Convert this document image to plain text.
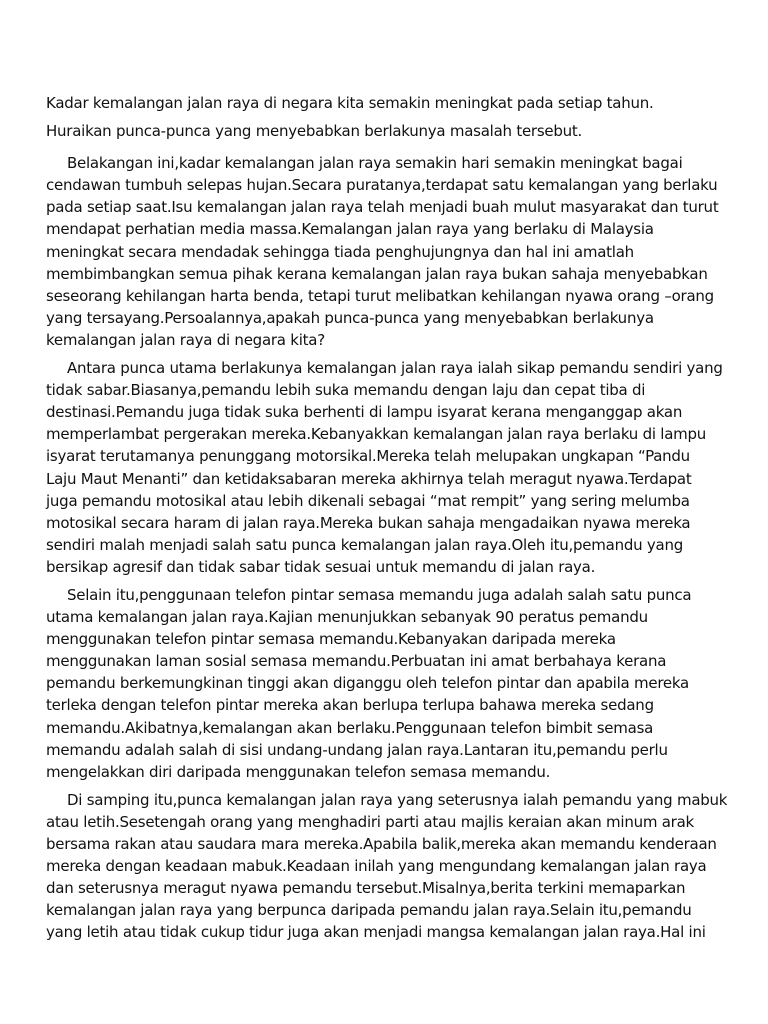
Kadar kemalangan jalan raya di negara kita semakin meningkat pada setiap tahun.

Huraikan punca-punca yang menyebabkan berlakunya masalah tersebut.

Belakangan ini,kadar kemalangan jalan raya semakin hari semakin meningkat bagai
cendawan tumbuh selepas hujan.Secara puratanya,terdapat satu kemalangan yang berlaku
pada setiap saat.Isu kemalangan jalan raya telah menjadi buah mulut masyarakat dan turut
mendapat perhatian media massa.Kemalangan jalan raya yang berlaku di Malaysia
meningkat secara mendadak sehingga tiada penghujungnya dan hal ini amatlah
membimbangkan semua pihak kerana kemalangan jalan raya bukan sahaja menyebabkan
seseorang kehilangan harta benda, tetapi turut melibatkan kehilangan nyawa orang –orang
yang tersayang.Persoalannya,apakah punca-punca yang menyebabkan berlakunya
kemalangan jalan raya di negara kita?
Antara punca utama berlakunya kemalangan jalan raya ialah sikap pemandu sendiri yang
tidak sabar.Biasanya,pemandu lebih suka memandu dengan laju dan cepat tiba di
destinasi.Pemandu juga tidak suka berhenti di lampu isyarat kerana menganggap akan
memperlambat pergerakan mereka.Kebanyakkan kemalangan jalan raya berlaku di lampu
isyarat terutamanya penunggang motorsikal.Mereka telah melupakan ungkapan “Pandu
Laju Maut Menanti” dan ketidaksabaran mereka akhirnya telah meragut nyawa.Terdapat
juga pemandu motosikal atau lebih dikenali sebagai “mat rempit” yang sering melumba
motosikal secara haram di jalan raya.Mereka bukan sahaja mengadaikan nyawa mereka
sendiri malah menjadi salah satu punca kemalangan jalan raya.Oleh itu,pemandu yang
bersikap agresif dan tidak sabar tidak sesuai untuk memandu di jalan raya.
Selain itu,penggunaan telefon pintar semasa memandu juga adalah salah satu punca
utama kemalangan jalan raya.Kajian menunjukkan sebanyak 90 peratus pemandu
menggunakan telefon pintar semasa memandu.Kebanyakan daripada mereka
menggunakan laman sosial semasa memandu.Perbuatan ini amat berbahaya kerana
pemandu berkemungkinan tinggi akan diganggu oleh telefon pintar dan apabila mereka
terleka dengan telefon pintar mereka akan berlupa terlupa bahawa mereka sedang
memandu.Akibatnya,kemalangan akan berlaku.Penggunaan telefon bimbit semasa
memandu adalah salah di sisi undang-undang jalan raya.Lantaran itu,pemandu perlu
mengelakkan diri daripada menggunakan telefon semasa memandu.
Di samping itu,punca kemalangan jalan raya yang seterusnya ialah pemandu yang mabuk
atau letih.Sesetengah orang yang menghadiri parti atau majlis keraian akan minum arak
bersama rakan atau saudara mara mereka.Apabila balik,mereka akan memandu kenderaan
mereka dengan keadaan mabuk.Keadaan inilah yang mengundang kemalangan jalan raya
dan seterusnya meragut nyawa pemandu tersebut.Misalnya,berita terkini memaparkan
kemalangan jalan raya yang berpunca daripada pemandu jalan raya.Selain itu,pemandu
yang letih atau tidak cukup tidur juga akan menjadi mangsa kemalangan jalan raya.Hal ini
